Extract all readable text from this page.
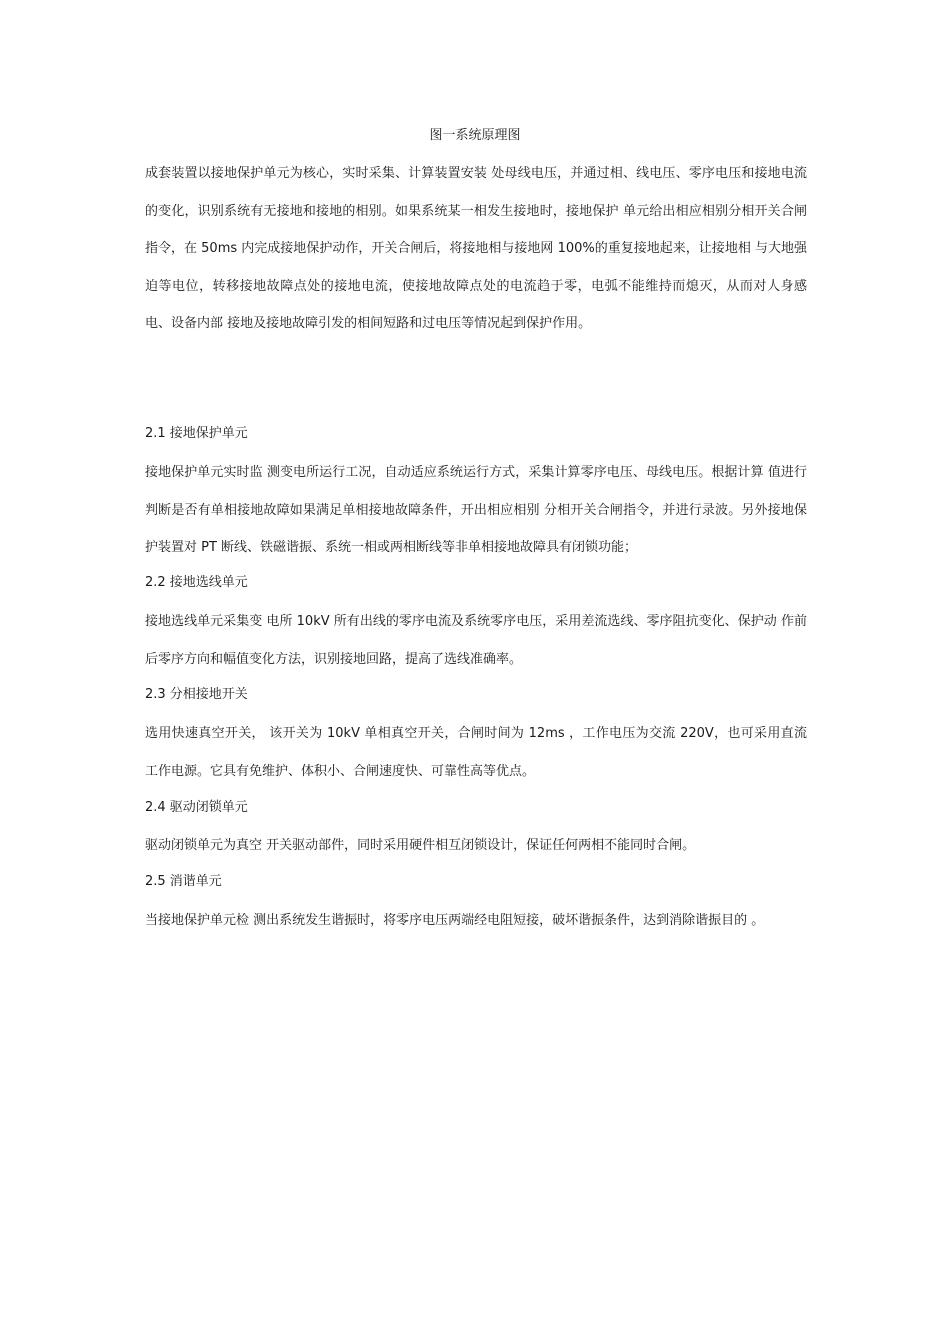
图一系统原理图

成套装置以接地保护单元为核心，实时采集、计算装置安装 处母线电压，并通过相、线电压、零序电压和接地电流的变化，识别系统有无接地和接地的相别。如果系统某一相发生接地时，接地保护 单元给出相应相别分相开关合闸指令，在 50ms 内完成接地保护动作，开关合闸后，将接地相与接地网 100%的重复接地起来，让接地相 与大地强迫等电位，转移接地故障点处的接地电流，使接地故障点处的电流趋于零，电弧不能维持而熄灭，从而对人身感电、设备内部 接地及接地故障引发的相间短路和过电压等情况起到保护作用。

2.1 接地保护单元

接地保护单元实时监 测变电所运行工况，自动适应系统运行方式，采集计算零序电压、母线电压。根据计算 值进行判断是否有单相接地故障如果满足单相接地故障条件，开出相应相别 分相开关合闸指令，并进行录波。另外接地保护装置对 PT 断线、铁磁谐振、系统一相或两相断线等非单相接地故障具有闭锁功能；

2.2 接地选线单元

接地选线单元采集变 电所 10kV 所有出线的零序电流及系统零序电压，采用差流选线、零序阻抗变化、保护动 作前后零序方向和幅值变化方法，识别接地回路，提高了选线准确率。

2.3 分相接地开关

选用快速真空开关， 该开关为 10kV 单相真空开关，合闸时间为 12ms ，工作电压为交流 220V，也可采用直流 工作电源。它具有免维护、体积小、合闸速度快、可靠性高等优点。

2.4 驱动闭锁单元

驱动闭锁单元为真空 开关驱动部件，同时采用硬件相互闭锁设计，保证任何两相不能同时合闸。

2.5 消谐单元

当接地保护单元检 测出系统发生谐振时，将零序电压两端经电阻短接，破坏谐振条件，达到消除谐振目的 。
